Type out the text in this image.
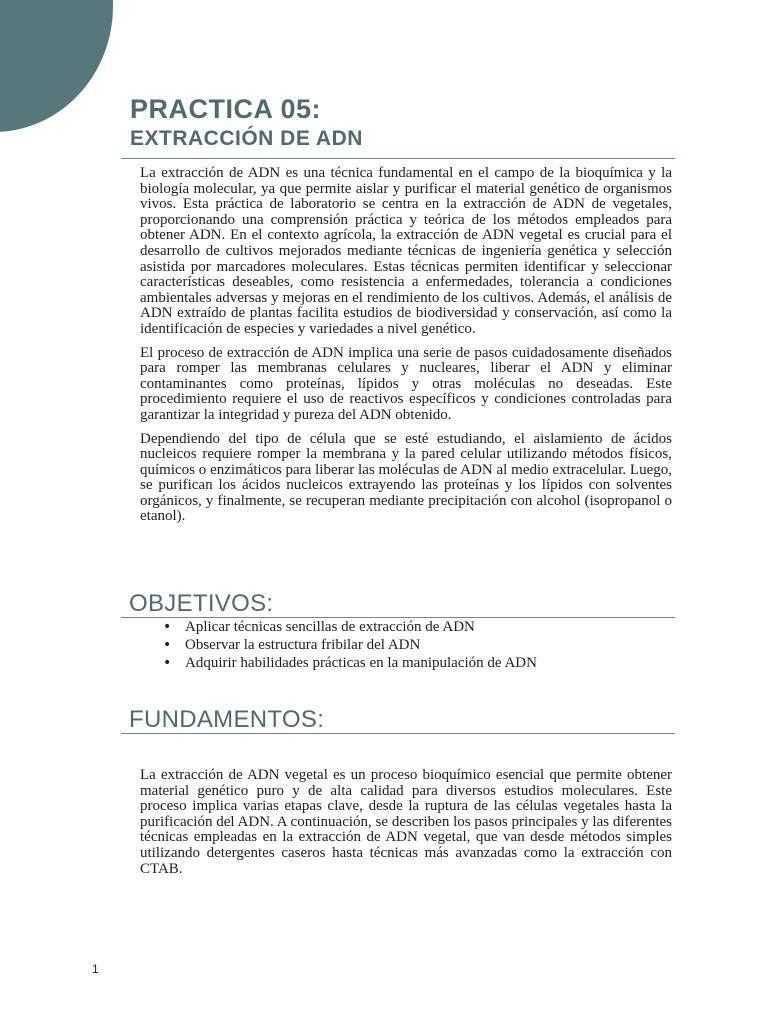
PRACTICA 05:
EXTRACCIÓN DE ADN

La extracción de ADN es una técnica fundamental en el campo de la bioquímica y la biología molecular, ya que permite aislar y purificar el material genético de organismos vivos. Esta práctica de laboratorio se centra en la extracción de ADN de vegetales, proporcionando una comprensión práctica y teórica de los métodos empleados para obtener ADN. En el contexto agrícola, la extracción de ADN vegetal es crucial para el desarrollo de cultivos mejorados mediante técnicas de ingeniería genética y selección asistida por marcadores moleculares. Estas técnicas permiten identificar y seleccionar características deseables, como resistencia a enfermedades, tolerancia a condiciones ambientales adversas y mejoras en el rendimiento de los cultivos. Además, el análisis de ADN extraído de plantas facilita estudios de biodiversidad y conservación, así como la identificación de especies y variedades a nivel genético.

El proceso de extracción de ADN implica una serie de pasos cuidadosamente diseñados para romper las membranas celulares y nucleares, liberar el ADN y eliminar contaminantes como proteínas, lípidos y otras moléculas no deseadas. Este procedimiento requiere el uso de reactivos específicos y condiciones controladas para garantizar la integridad y pureza del ADN obtenido.

Dependiendo del tipo de célula que se esté estudiando, el aislamiento de ácidos nucleicos requiere romper la membrana y la pared celular utilizando métodos físicos, químicos o enzimáticos para liberar las moléculas de ADN al medio extracelular. Luego, se purifican los ácidos nucleicos extrayendo las proteínas y los lípidos con solventes orgánicos, y finalmente, se recuperan mediante precipitación con alcohol (isopropanol o etanol).

OBJETIVOS:
• Aplicar técnicas sencillas de extracción de ADN
• Observar la estructura fribilar del ADN
• Adquirir habilidades prácticas en la manipulación de ADN
FUNDAMENTOS:

La extracción de ADN vegetal es un proceso bioquímico esencial que permite obtener material genético puro y de alta calidad para diversos estudios moleculares. Este proceso implica varias etapas clave, desde la ruptura de las células vegetales hasta la purificación del ADN. A continuación, se describen los pasos principales y las diferentes técnicas empleadas en la extracción de ADN vegetal, que van desde métodos simples utilizando detergentes caseros hasta técnicas más avanzadas como la extracción con CTAB.

1
